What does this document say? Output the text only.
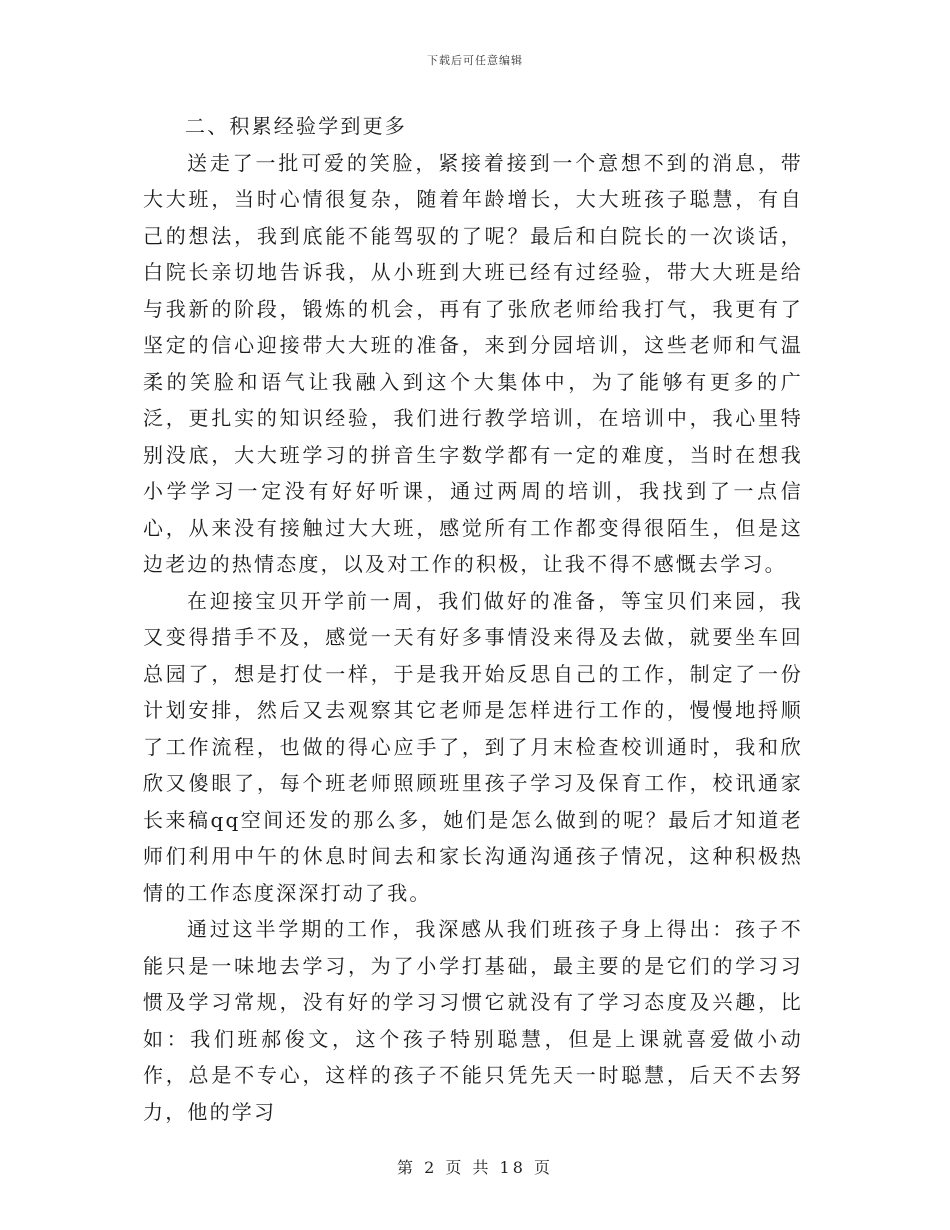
下载后可任意编辑
二、积累经验学到更多

送走了一批可爱的笑脸，紧接着接到一个意想不到的消息，带大大班，当时心情很复杂，随着年龄增长，大大班孩子聪慧，有自己的想法，我到底能不能驾驭的了呢？最后和白院长的一次谈话，白院长亲切地告诉我，从小班到大班已经有过经验，带大大班是给与我新的阶段，锻炼的机会，再有了张欣老师给我打气，我更有了坚定的信心迎接带大大班的准备，来到分园培训，这些老师和气温柔的笑脸和语气让我融入到这个大集体中，为了能够有更多的广泛，更扎实的知识经验，我们进行教学培训，在培训中，我心里特别没底，大大班学习的拼音生字数学都有一定的难度，当时在想我小学学习一定没有好好听课，通过两周的培训，我找到了一点信心，从来没有接触过大大班，感觉所有工作都变得很陌生，但是这边老边的热情态度，以及对工作的积极，让我不得不感慨去学习。

在迎接宝贝开学前一周，我们做好的准备，等宝贝们来园，我又变得措手不及，感觉一天有好多事情没来得及去做，就要坐车回总园了，想是打仗一样，于是我开始反思自己的工作，制定了一份计划安排，然后又去观察其它老师是怎样进行工作的，慢慢地捋顺了工作流程，也做的得心应手了，到了月末检查校训通时，我和欣欣又傻眼了，每个班老师照顾班里孩子学习及保育工作，校讯通家长来稿qq空间还发的那么多，她们是怎么做到的呢？最后才知道老师们利用中午的休息时间去和家长沟通沟通孩子情况，这种积极热情的工作态度深深打动了我。

通过这半学期的工作，我深感从我们班孩子身上得出：孩子不能只是一味地去学习，为了小学打基础，最主要的是它们的学习习惯及学习常规，没有好的学习习惯它就没有了学习态度及兴趣，比如：我们班郝俊文，这个孩子特别聪慧，但是上课就喜爱做小动作，总是不专心，这样的孩子不能只凭先天一时聪慧，后天不去努力，他的学习

第 2 页 共 18 页
